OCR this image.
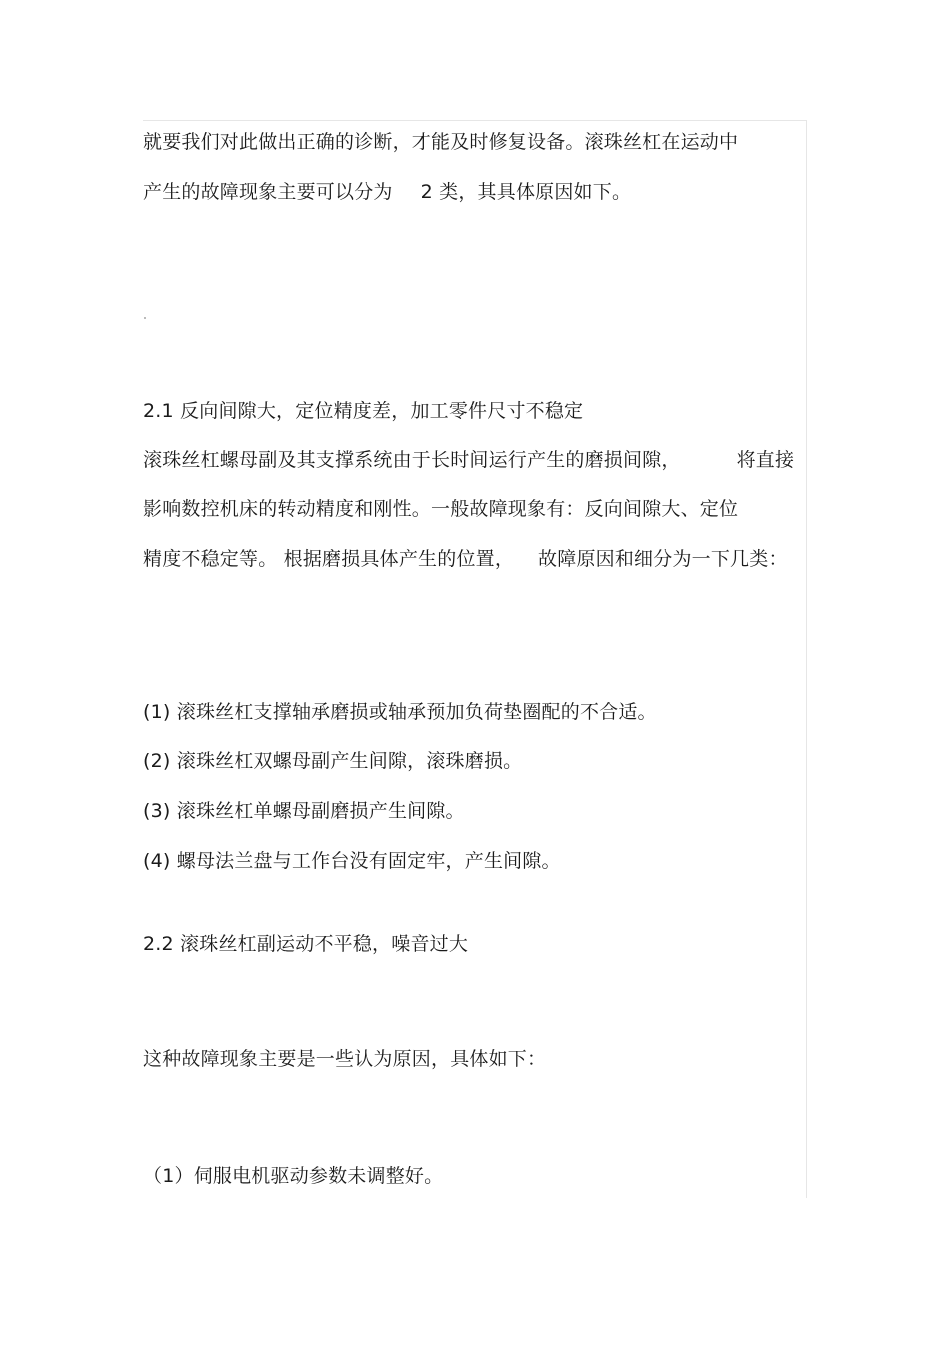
就要我们对此做出正确的诊断，才能及时修复设备。滚珠丝杠在运动中
产生的故障现象主要可以分为 2 类，其具体原因如下。
2.1 反向间隙大，定位精度差，加工零件尺寸不稳定
滚珠丝杠螺母副及其支撑系统由于长时间运行产生的磨损间隙，	将直接
影响数控机床的转动精度和刚性。一般故障现象有：反向间隙大、定位
精度不稳定等。 根据磨损具体产生的位置， 故障原因和细分为一下几类：
(1) 滚珠丝杠支撑轴承磨损或轴承预加负荷垫圈配的不合适。
(2) 滚珠丝杠双螺母副产生间隙，滚珠磨损。
(3) 滚珠丝杠单螺母副磨损产生间隙。
(4) 螺母法兰盘与工作台没有固定牢，产生间隙。
2.2 滚珠丝杠副运动不平稳，噪音过大
这种故障现象主要是一些认为原因，具体如下：
（1）伺服电机驱动参数未调整好。
